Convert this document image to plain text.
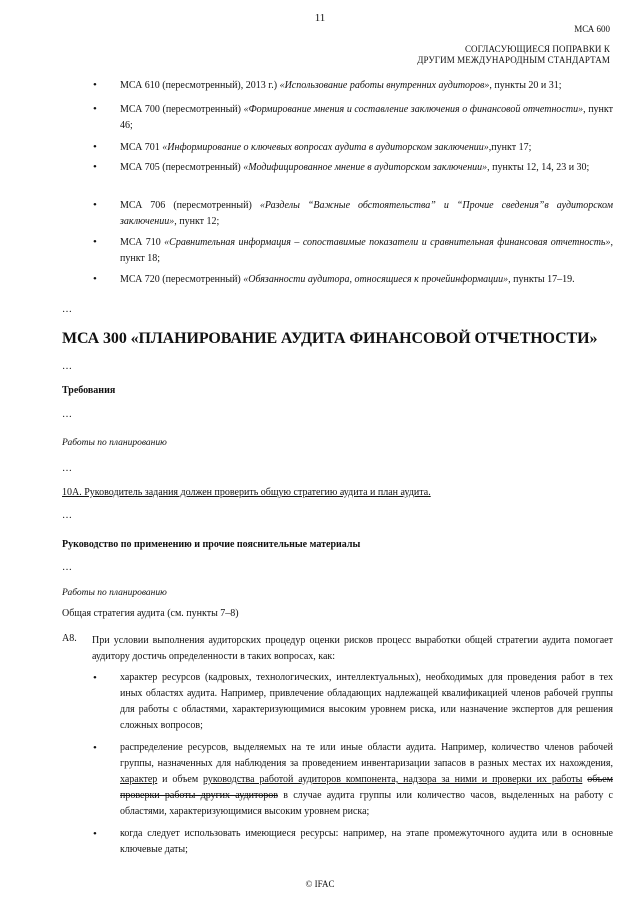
11
МСА 600
СОГЛАСУЮЩИЕСЯ ПОПРАВКИ К
ДРУГИМ МЕЖДУНАРОДНЫМ СТАНДАРТАМ
• МСА 610 (пересмотренный), 2013 г.) «Использование работы внутренних аудиторов», пункты 20 и 31;
• МСА 700 (пересмотренный) «Формирование мнения и составление заключения о финансовой отчетности», пункт 46;
• МСА 701 «Информирование о ключевых вопросах аудита в аудиторском заключении»,пункт 17;
• МСА 705 (пересмотренный) «Модифицированное мнение в аудиторском заключении», пункты 12, 14, 23 и 30;
• МСА 706 (пересмотренный) «Разделы “Важные обстоятельства” и “Прочие сведения”в аудиторском заключении», пункт 12;
• МСА 710 «Сравнительная информация – сопоставимые показатели и сравнительная финансовая отчетность», пункт 18;
• МСА 720 (пересмотренный) «Обязанности аудитора, относящиеся к прочейинформации», пункты 17–19.
…
МСА 300 «ПЛАНИРОВАНИЕ АУДИТА ФИНАНСОВОЙ ОТЧЕТНОСТИ»
…
Требования
…
Работы по планированию
…
10А. Руководитель задания должен проверить общую стратегию аудита и план аудита.
…
Руководство по применению и прочие пояснительные материалы
…
Работы по планированию
Общая стратегия аудита (см. пункты 7–8)
А8. При условии выполнения аудиторских процедур оценки рисков процесс выработки общей стратегии аудита помогает аудитору достичь определенности в таких вопросах, как:
• характер ресурсов (кадровых, технологических, интеллектуальных), необходимых для проведения работ в тех иных областях аудита. Например, привлечение обладающих надлежащей квалификацией членов рабочей группы для работы с областями, характеризующимися высоким уровнем риска, или назначение экспертов для решения сложных вопросов;
• распределение ресурсов, выделяемых на те или иные области аудита. Например, количество членов рабочей группы, назначенных для наблюдения за проведением инвентаризации запасов в разных местах их нахождения, характер и объем руководства работой аудиторов компонента, надзора за ними и проверки их работы объем проверки работы других аудиторов в случае аудита группы или количество часов, выделенных на работу с областями, характеризующимися высоким уровнем риска;
• когда следует использовать имеющиеся ресурсы: например, на этапе промежуточного аудита или в основные ключевые даты;
© IFAC
